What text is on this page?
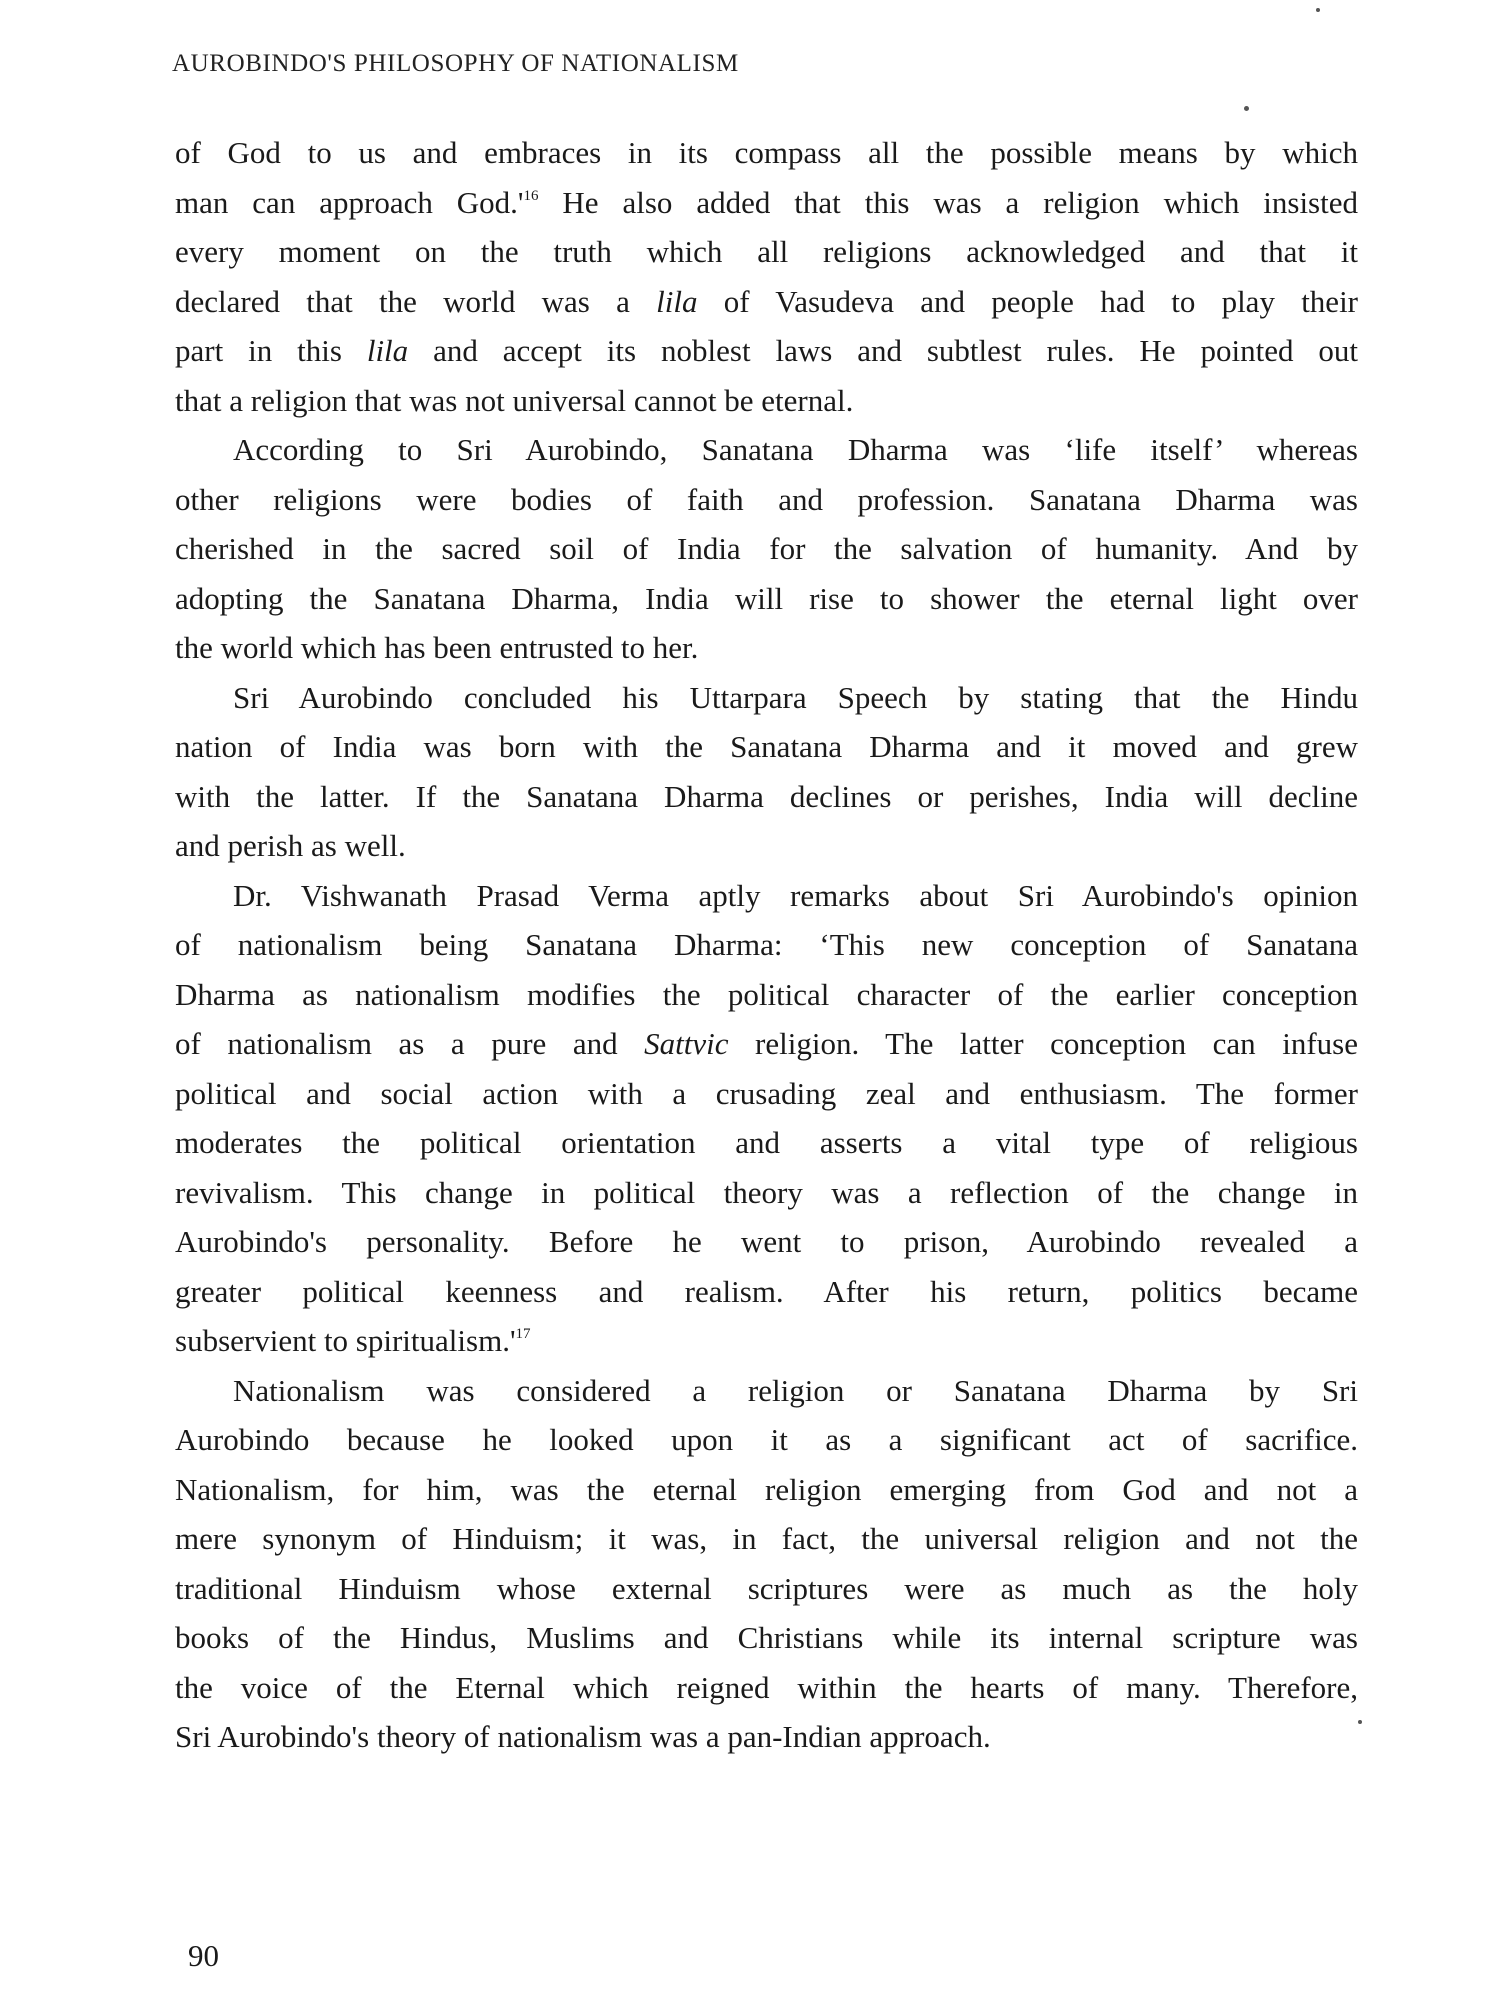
AUROBINDO'S PHILOSOPHY OF NATIONALISM
of God to us and embraces in its compass all the possible means by which
man can approach $God.'^{16}$ He also added that this was a religion which insisted
every moment on the truth which all religions acknowledged and that it
declared that the world was a lila of Vasudeva and people had to play their
part in this lila and accept its noblest laws and subtlest rules. He pointed out
that a religion that was not universal cannot be eternal.
According to Sri Aurobindo, Sanatana Dharma was ‘life itself’ whereas
other religions were bodies of faith and profession. Sanatana Dharma was
cherished in the sacred soil of India for the salvation of humanity. And by
adopting the Sanatana Dharma, India will rise to shower the eternal light over
the world which has been entrusted to her.
Sri Aurobindo concluded his Uttarpara Speech by stating that the Hindu
nation of India was born with the Sanatana Dharma and it moved and grew
with the latter. If the Sanatana Dharma declines or perishes, India will decline
and perish as well.
Dr. Vishwanath Prasad Verma aptly remarks about Sri Aurobindo's opinion
of nationalism being Sanatana Dharma: ‘This new conception of Sanatana
Dharma as nationalism modifies the political character of the earlier conception
of nationalism as a pure and Sattvic religion. The latter conception can infuse
political and social action with a crusading zeal and enthusiasm. The former
moderates the political orientation and asserts a vital type of religious
revivalism. This change in political theory was a reflection of the change in
Aurobindo's personality. Before he went to prison, Aurobindo revealed a
greater political keenness and realism. After his return, politics became
subservient to $spiritualism.'^{17}$
Nationalism was considered a religion or Sanatana Dharma by Sri
Aurobindo because he looked upon it as a significant act of sacrifice.
Nationalism, for him, was the eternal religion emerging from God and not a
mere synonym of Hinduism; it was, in fact, the universal religion and not the
traditional Hinduism whose external scriptures were as much as the holy
books of the Hindus, Muslims and Christians while its internal scripture was
the voice of the Eternal which reigned within the hearts of many. Therefore,
Sri Aurobindo's theory of nationalism was a pan-Indian approach.
90
